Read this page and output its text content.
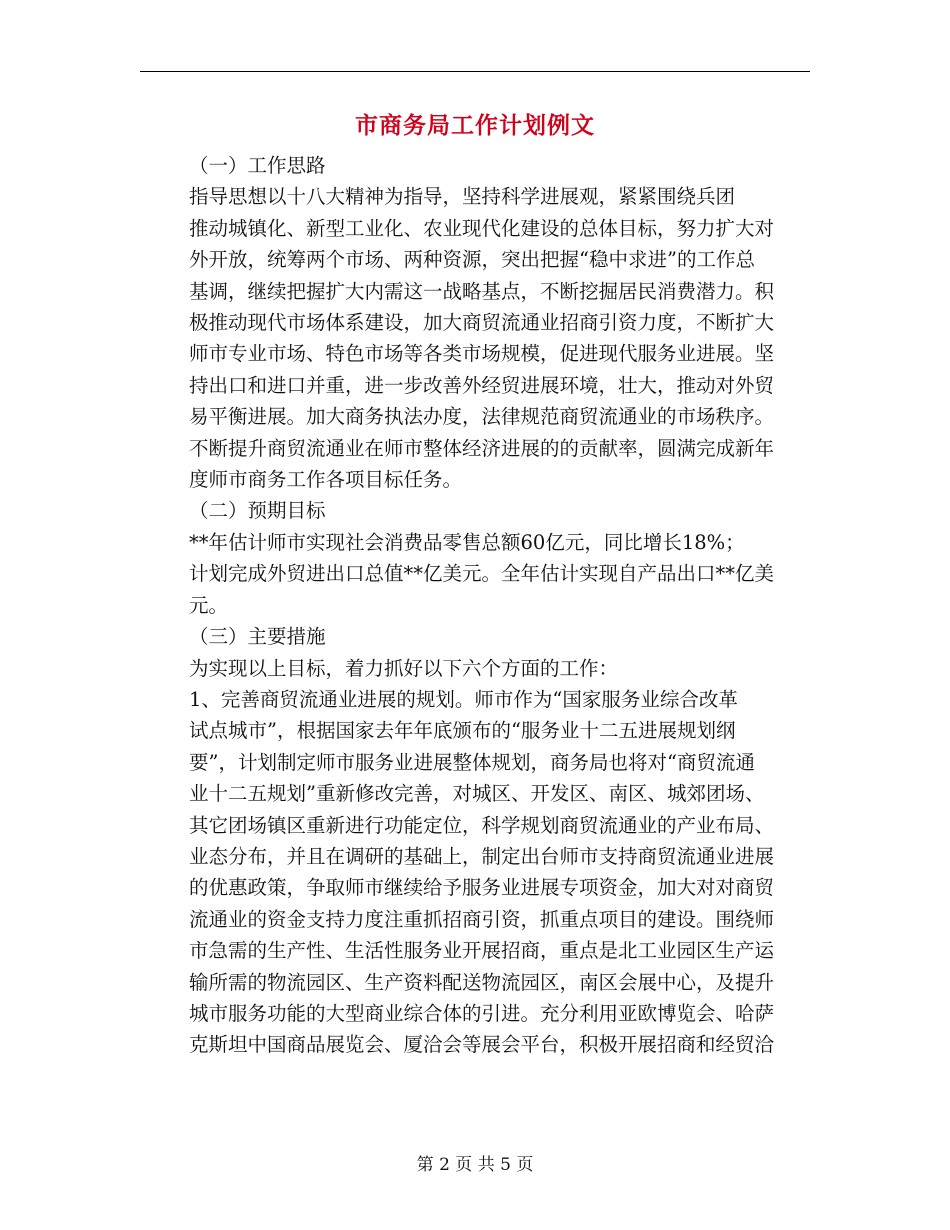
市商务局工作计划例文
（一）工作思路
指导思想以十八大精神为指导，坚持科学进展观，紧紧围绕兵团
推动城镇化、新型工业化、农业现代化建设的总体目标，努力扩大对
外开放，统筹两个市场、两种资源，突出把握“稳中求进”的工作总
基调，继续把握扩大内需这一战略基点，不断挖掘居民消费潜力。积
极推动现代市场体系建设，加大商贸流通业招商引资力度，不断扩大
师市专业市场、特色市场等各类市场规模，促进现代服务业进展。坚
持出口和进口并重，进一步改善外经贸进展环境，壮大，推动对外贸
易平衡进展。加大商务执法办度，法律规范商贸流通业的市场秩序。
不断提升商贸流通业在师市整体经济进展的的贡献率，圆满完成新年
度师市商务工作各项目标任务。
（二）预期目标
**年估计师市实现社会消费品零售总额60亿元，同比增长18%；
计划完成外贸进出口总值**亿美元。全年估计实现自产品出口**亿美
元。
（三）主要措施
为实现以上目标，着力抓好以下六个方面的工作：
1、完善商贸流通业进展的规划。师市作为“国家服务业综合改革
试点城市”，根据国家去年年底颁布的“服务业十二五进展规划纲
要”，计划制定师市服务业进展整体规划，商务局也将对“商贸流通
业十二五规划”重新修改完善，对城区、开发区、南区、城郊团场、
其它团场镇区重新进行功能定位，科学规划商贸流通业的产业布局、
业态分布，并且在调研的基础上，制定出台师市支持商贸流通业进展
的优惠政策，争取师市继续给予服务业进展专项资金，加大对对商贸
流通业的资金支持力度注重抓招商引资，抓重点项目的建设。围绕师
市急需的生产性、生活性服务业开展招商，重点是北工业园区生产运
输所需的物流园区、生产资料配送物流园区，南区会展中心，及提升
城市服务功能的大型商业综合体的引进。充分利用亚欧博览会、哈萨
克斯坦中国商品展览会、厦洽会等展会平台，积极开展招商和经贸洽
第 2 页 共 5 页
